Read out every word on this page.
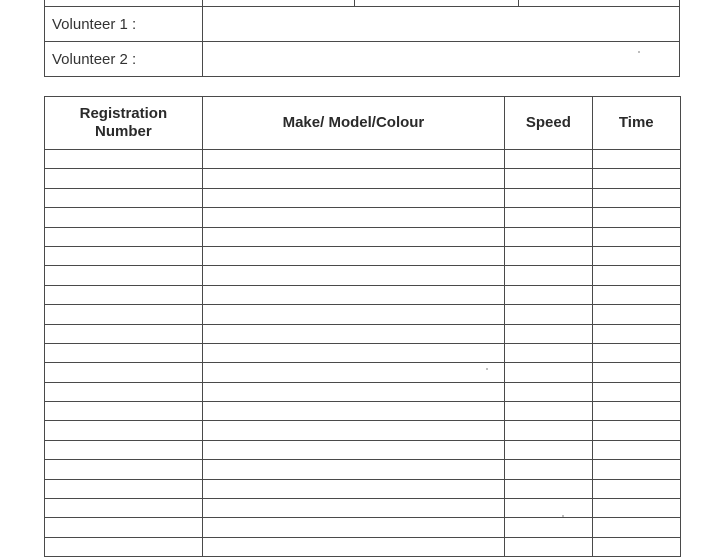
Volunteer 1 :			
Volunteer 2 :			
Registration
Number	Make/ Model/Colour	Speed	Time
